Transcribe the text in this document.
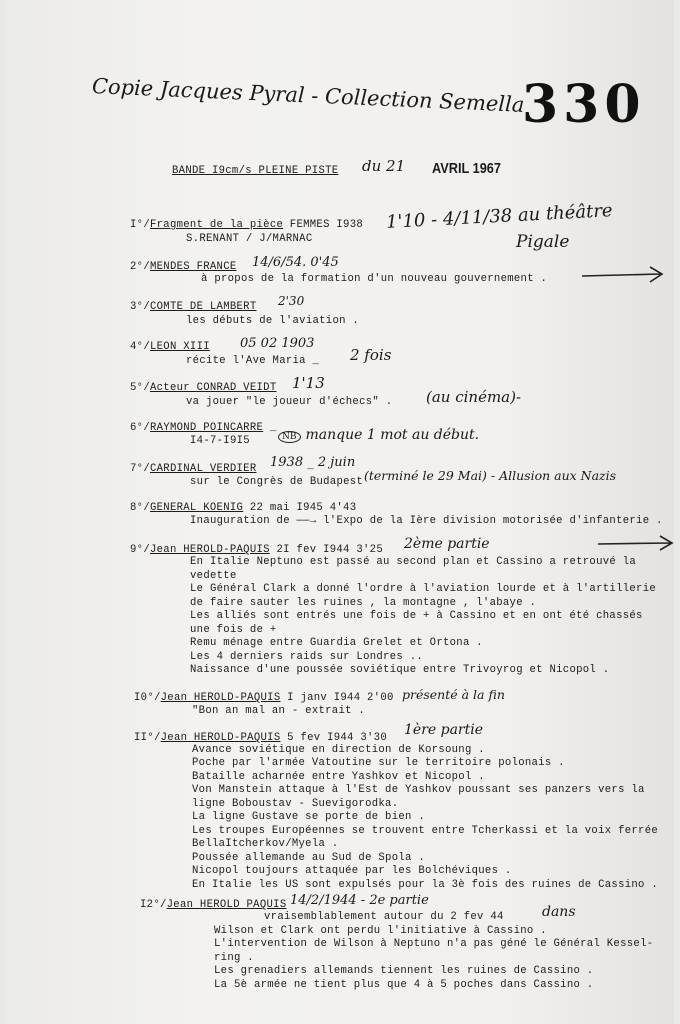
Copie Jacques Pyral - Collection Semella
330
BANDE I9cm/s PLEINE PISTE du 21 AVRIL 1967
I°/Fragment de la pièce FEMMES I938 1'10 - 4/11/38 au théâtre
Pigale
S.RENANT / J/MARNAC
2°/MENDES FRANCE 14/6/54. 0'45
à propos de la formation d'un nouveau gouvernement .
3°/COMTE DE LAMBERT 2'30
les débuts de l'aviation .
4°/LEON XIII 05 02 1903
récite l'Ave Maria _ 2 fois
5°/Acteur CONRAD VEIDT 1'13
va jouer "le joueur d'échecs" . (au cinéma)-
6°/RAYMOND POINCARRE _
NB manque 1 mot au début.
I4-7-I9I5
7°/CARDINAL VERDIER 1938 _ 2 juin
sur le Congrès de Budapest (terminé le 29 Mai) - Allusion aux Nazis
8°/GENERAL KOENIG 22 mai I945 4'43
Inauguration de ——→ l'Expo de la Ière division motorisée d'infanterie .
9°/Jean HEROLD-PAQUIS 2I fev I944 3'25 2ème partie
En Italie Neptuno est passé au second plan et Cassino a retrouvé la
vedette
Le Général Clark a donné l'ordre à l'aviation lourde et à l'artillerie
de faire sauter les ruines , la montagne , l'abaye .
Les alliés sont entrés une fois de + à Cassino et en ont été chassés
une fois de +
Remu ménage entre Guardia Grelet et Ortona .
Les 4 derniers raids sur Londres ..
Naissance d'une poussée soviétique entre Trivoyrog et Nicopol .
I0°/Jean HEROLD-PAQUIS I janv I944 2'00 présenté à la fin
"Bon an mal an - extrait .
II°/Jean HEROLD-PAQUIS 5 fev I944 3'30 1ère partie
Avance soviétique en direction de Korsoung .
Poche par l'armée Vatoutine sur le territoire polonais .
Bataille acharnée entre Yashkov et Nicopol .
Von Manstein attaque à l'Est de Yashkov poussant ses panzers vers la
ligne Boboustav - Suevigorodka.
La ligne Gustave se porte de bien .
Les troupes Européennes se trouvent entre Tcherkassi et la voix ferrée
BellaItcherkov/Myela .
Poussée allemande au Sud de Spola .
Nicopol toujours attaquée par les Bolchéviques .
En Italie les US sont expulsés pour la 3è fois des ruines de Cassino .
I2°/Jean HEROLD PAQUIS 14/2/1944 - 2e partie
vraisemblablement autour du 2 fev 44	dans
Wilson et Clark ont perdu l'initiative à Cassino .
L'intervention de Wilson à Neptuno n'a pas géné le Général Kessel-
ring .
Les grenadiers allemands tiennent les ruines de Cassino .
La 5è armée ne tient plus que 4 à 5 poches dans Cassino .
